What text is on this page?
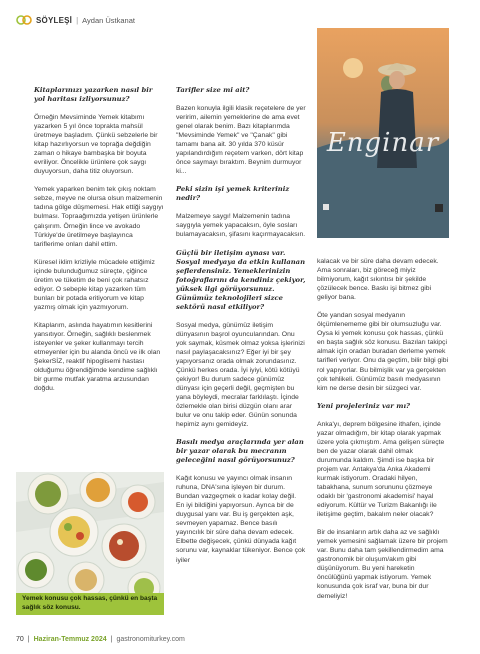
SÖYLEŞİ | Aydan Üstkanat

Kitaplarınızı yazarken nasıl bir yol haritası izliyorsunuz?

Örneğin Mevsiminde Yemek kitabımı yazarken 5 yıl önce toprakta mahsül üretmeye başladım. Çünkü sebzelerle bir kitap hazırlıyorsun ve toprağa değdiğin zaman o hikaye bambaşka bir boyuta evriliyor. Öncelikle ürünlere çok saygı duyuyorsun, daha titiz oluyorsun.

Yemek yaparken benim tek çıkış noktam sebze, meyve ne olursa olsun malzemenin tadına gölge düşmemesi. Hak ettiği saygıyı bulması. Topraağımızda yetişen ürünlerle çalışırım. Örneğin lince ve avokado Türkiye'de üretilmeye başlayınca tariflerime onları dahil ettim.

Küresel iklim krizliyle mücadele ettiğimiz içinde bulunduğumuz süreçte, çiğince üretim ve tüketim de beni çok rahatsız ediyor. O sebeple kitap yazarken tüm bunları bir potada eritiyorum ve kitap yazmış olmak için yazmıyorum.

Kitaplarım, aslında hayatımın kesitlerini yansıtıyor. Örneğin, sağlıklı beslenmek isteyenler ve şeker kullanmayı tercih etmeyenler için bu alanda öncü ve ilk olan ŞekerSİZ, reaktif hipoglisemi hastası olduğumu öğrendiğimde kendime sağlıklı bir gurme mutfak yaratma arzusundan doğdu.

Yemek konusu çok hassas, çünkü en başta sağlık söz konusu.

Tarifler size mi ait?

Bazen konuyla ilgili klasik reçetelere de yer veririm, ailemin yemeklerine de ama evet genel olarak benim. Bazı kitaplarımda "Mevsiminde Yemek" ve "Çanak" gibi tamamı bana ait. 30 yılda 370 küsür yapılandırdığım reçetem varken, dört kitap önce saymayı bıraktım. Beynim durmuyor ki...

Peki sizin işi yemek kriteriniz nedir?

Malzemeye saygı! Malzemenin tadına saygıyla yemek yapacaksın, öyle sosları bulamayacaksın, şifasını kaçırmayacaksın.

Güçlü bir iletişim aynası var. Sosyal medyaya da etkin kullanan şeflerdensiniz. Yemeklerinizin fotoğraflarını da kendiniz çekiyor, yüksek ilgi görüyorsunuz. Günümüz teknolojileri sizce sektörü nasıl etkiliyor?

Sosyal medya, günümüz iletişim dünyasının başrol oyuncularından. Onu yok saymak, küsmek olmaz yoksa işlerinizi nasıl paylaşacaksınız? Eğer iyi bir şey yapıyorsanız orada olmak zorundasınız. Çünkü herkes orada. İyi iyiyi, kötü kötüyü çekiyor! Bu durum sadece günümüz dünyası için geçerli değil, geçmişten bu yana böyleydi, mecralar farklılaştı. İçinde özlemekle olan birisi düzgün olanı arar bulur ve onu takip eder. Günün sonunda hepimiz aynı gemideyiz.

Basılı medya araçlarında yer alan bir yazar olarak bu mecranın geleceğini nasıl görüyorsunuz?

Kağıt konusu ve yayıncı olmak insanın ruhuna, DNA'sına işleyen bir durum. Bundan vazgeçmek o kadar kolay değil. En iyi bildiğini yapıyorsun. Ayrıca bir de duygusal yanı var. Bu iş gerçekten aşk, sevmeyen yapamaz. Bence basılı yayıncılık bir süre daha devam edecek. Elbette değişecek, çünkü dünyada kağıt sorunu var, kaynaklar tükeniyor. Bence çok iyiler

Enginar

kalacak ve bir süre daha devam edecek. Ama sonraları, biz göreceğ miyiz bilmiyorum, kağıt sıkıntısı bir şekilde çözülecek bence. Baskı işi bitmez gibi geliyor bana.

Öte yandan sosyal medyanın ölçümlenememe gibi bir olumsuzluğu var. Oysa ki yemek konusu çok hassas, çünkü en başta sağlık söz konusu. Bazıları takipçi almak için oradan buradan derleme yemek tarifleri veriyor. Onu da geçtim, bilir bilgi gibi rol yapıyorlar. Bu bilmişlik var ya gerçekten çok tehlikeli. Günümüz basılı medyasının kim ne derse desin bir süzgeci var.

Yeni projeleriniz var mı?

Anka'yı, deprem bölgesine ithafen, içinde yazar olmadığım, bir kitap olarak yapmak üzere yola çıkmıştım. Ama gelişen süreçte ben de yazar olarak dahil olmak durumunda kaldım. Şimdi ise başka bir projem var. Antakya'da Anka Akademi kurmak istiyorum. Oradaki hilyen, tabakhanа, sunum sorununu çözmeye odaklı bir 'gastronomi akademisi' hayal ediyorum. Kültür ve Turizm Bakanlığı ile iletişime geçtim, bakalım neler olacak?

Bir de insanların artık daha az ve sağlıklı yemek yemesini sağlamak üzere bir projem var. Bunu daha tam şekillendirmedim ama gastronomik bir oluşum/akım gibi düşünüyorum. Bu yeni hareketin öncülüğünü yapmak istiyorum. Yemek konusunda çok israf var, buna bir dur demeliyiz!

70 | Haziran-Temmuz 2024 | gastronomiturkey.com
